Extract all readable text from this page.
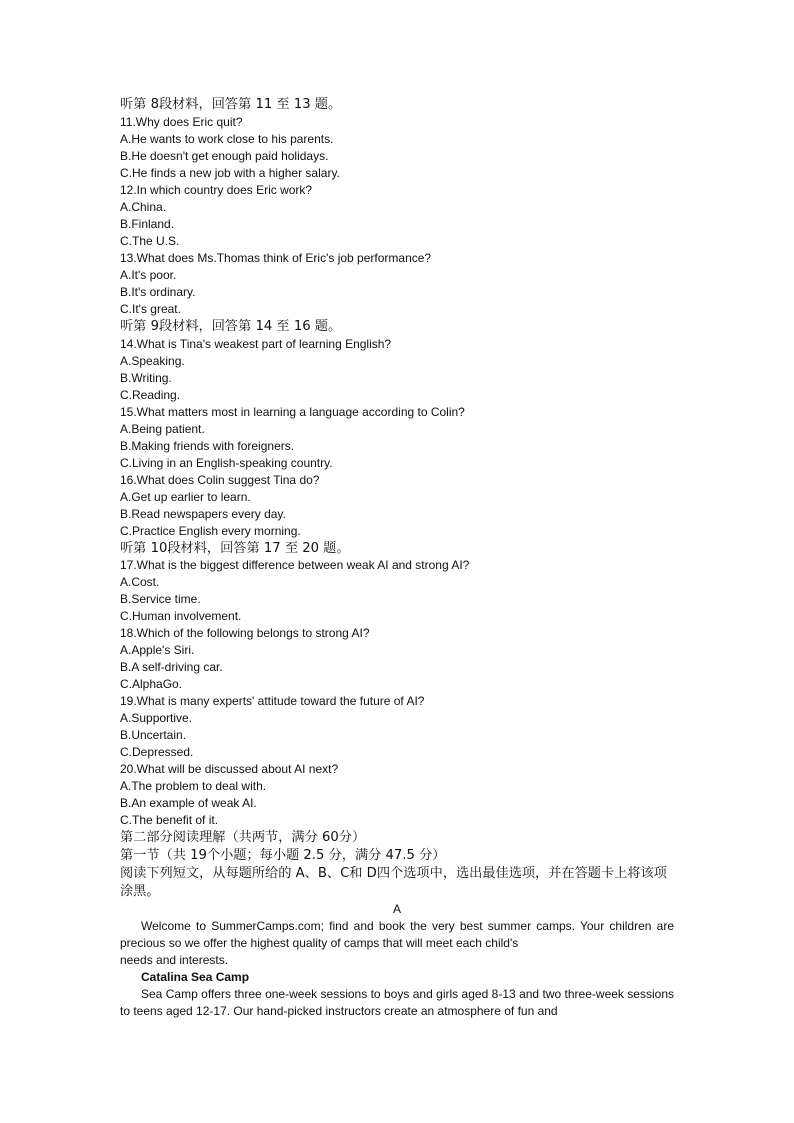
听第 8段材料，回答第 11 至 13 题。
11.Why does Eric quit?
A.He wants to work close to his parents.
B.He doesn't get enough paid holidays.
C.He finds a new job with a higher salary.
12.In which country does Eric work?
A.China.
B.Finland.
C.The U.S.
13.What does Ms.Thomas think of Eric's job performance?
A.It's poor.
B.It's ordinary.
C.It's great.
听第 9段材料，回答第 14 至 16 题。
14.What is Tina's weakest part of learning English?
A.Speaking.
B.Writing.
C.Reading.
15.What matters most in learning a language according to Colin?
A.Being patient.
B.Making friends with foreigners.
C.Living in an English-speaking country.
16.What does Colin suggest Tina do?
A.Get up earlier to learn.
B.Read newspapers every day.
C.Practice English every morning.
听第 10段材料，回答第 17 至 20 题。
17.What is the biggest difference between weak AI and strong AI?
A.Cost.
B.Service time.
C.Human involvement.
18.Which of the following belongs to strong AI?
A.Apple's Siri.
B.A self-driving car.
C.AlphaGo.
19.What is many experts' attitude toward the future of AI?
A.Supportive.
B.Uncertain.
C.Depressed.
20.What will be discussed about AI next?
A.The problem to deal with.
B.An example of weak AI.
C.The benefit of it.
第二部分阅读理解（共两节，满分 60分）
第一节（共 19个小题；每小题 2.5 分，满分 47.5 分）
阅读下列短文，从每题所给的 A、B、C和 D四个选项中，选出最佳选项，并在答题卡上将该项涂黑。
A
Welcome to SummerCamps.com; find and book the very best summer camps. Your children are precious so we offer the highest quality of camps that will meet each child's
needs and interests.
Catalina Sea Camp
Sea Camp offers three one-week sessions to boys and girls aged 8-13 and two three-week sessions to teens aged 12-17. Our hand-picked instructors create an atmosphere of fun and
